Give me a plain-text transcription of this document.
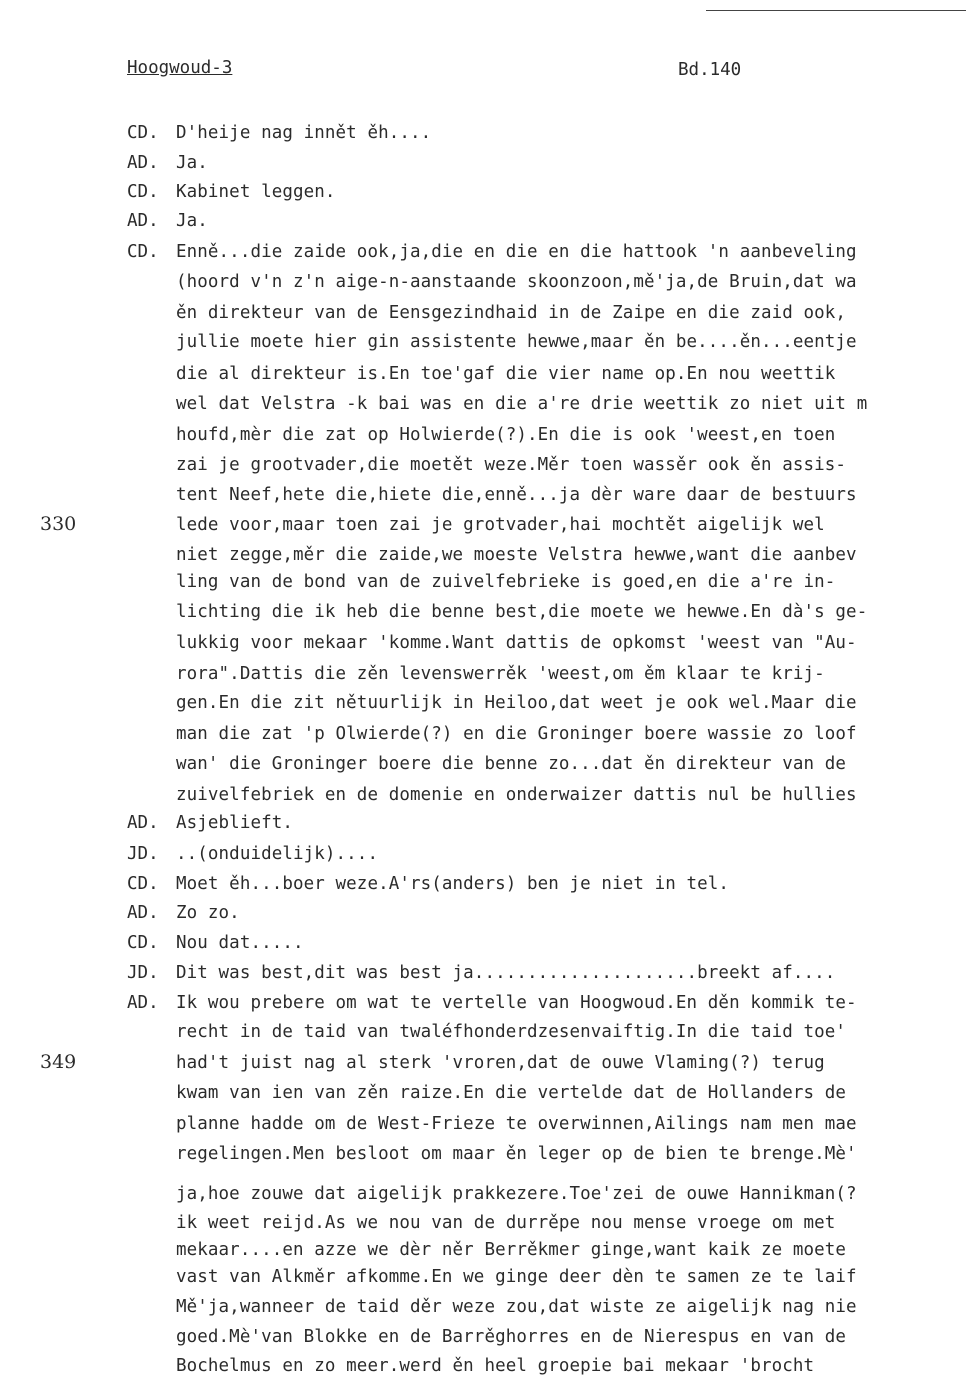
Hoogwoud-3	Bd.140
330
349
CD. D'heije nag innět ěh....
AD. Ja.
CD. Kabinet leggen.
AD. Ja.
CD. Enně...die zaide ook,ja,die en die en die hattook 'n aanbeveling
(hoord v'n z'n aige-n-aanstaande skoonzoon,mě'ja,de Bruin,dat wa
ěn direkteur van de Eensgezindhaid in de Zaipe en die zaid ook,
jullie moete hier gin assistente hewwe,maar ěn be....ěn...eentje
die al direkteur is.En toe'gaf die vier name op.En nou weettik
wel dat Velstra -k bai was en die a're drie weettik zo niet uit m
houfd,mèr die zat op Holwierde(?).En die is ook 'weest,en toen
zai je grootvader,die moetět weze.Měr toen wassěr ook ěn assis-
tent Neef,hete die,hiete die,enně...ja dèr ware daar de bestuurs
lede voor,maar toen zai je grotvader,hai mochtět aigelijk wel
niet zegge,měr die zaide,we moeste Velstra hewwe,want die aanbev
ling van de bond van de zuivelfebrieke is goed,en die a're in-
lichting die ik heb die benne best,die moete we hewwe.En dà's ge-
lukkig voor mekaar 'komme.Want dattis de opkomst 'weest van "Au-
rora".Dattis die zěn levenswerrěk 'weest,om ěm klaar te krij-
gen.En die zit nětuurlijk in Heiloo,dat weet je ook wel.Maar die
man die zat 'p Olwierde(?) en die Groninger boere wassie zo loof
wan' die Groninger boere die benne zo...dat ěn direkteur van de
zuivelfebriek en de domenie en onderwaizer dattis nul be hullies
AD. Asjeblieft.
JD. ..(onduidelijk)....
CD. Moet ěh...boer weze.A'rs(anders) ben je niet in tel.
AD. Zo zo.
CD. Nou dat.....
JD. Dit was best,dit was best ja.....................breekt af....
AD. Ik wou prebere om wat te vertelle van Hoogwoud.En děn kommik te-
recht in de taid van twaléfhonderdzesenvaiftig.In die taid toe'
had't juist nag al sterk 'vroren,dat de ouwe Vlaming(?) terug
kwam van ien van zěn raize.En die vertelde dat de Hollanders de
planne hadde om de West-Frieze te overwinnen,Ailings nam men mae
regelingen.Men besloot om maar ěn leger op de bien te brenge.Mè'
ja,hoe zouwe dat aigelijk prakkezere.Toe'zei de ouwe Hannikman(?
ik weet reijd.As we nou van de durrěpe nou mense vroege om met
mekaar....en azze we dèr něr Berrěkmer ginge,want kaik ze moete
vast van Alkměr afkomme.En we ginge deer dèn te samen ze te laif
Mě'ja,wanneer de taid děr weze zou,dat wiste ze aigelijk nag nie
goed.Mè'van Blokke en de Barrěghorres en de Nierespus en van de
Bochelmus en zo meer.werd ěn heel groepie bai mekaar 'brocht
